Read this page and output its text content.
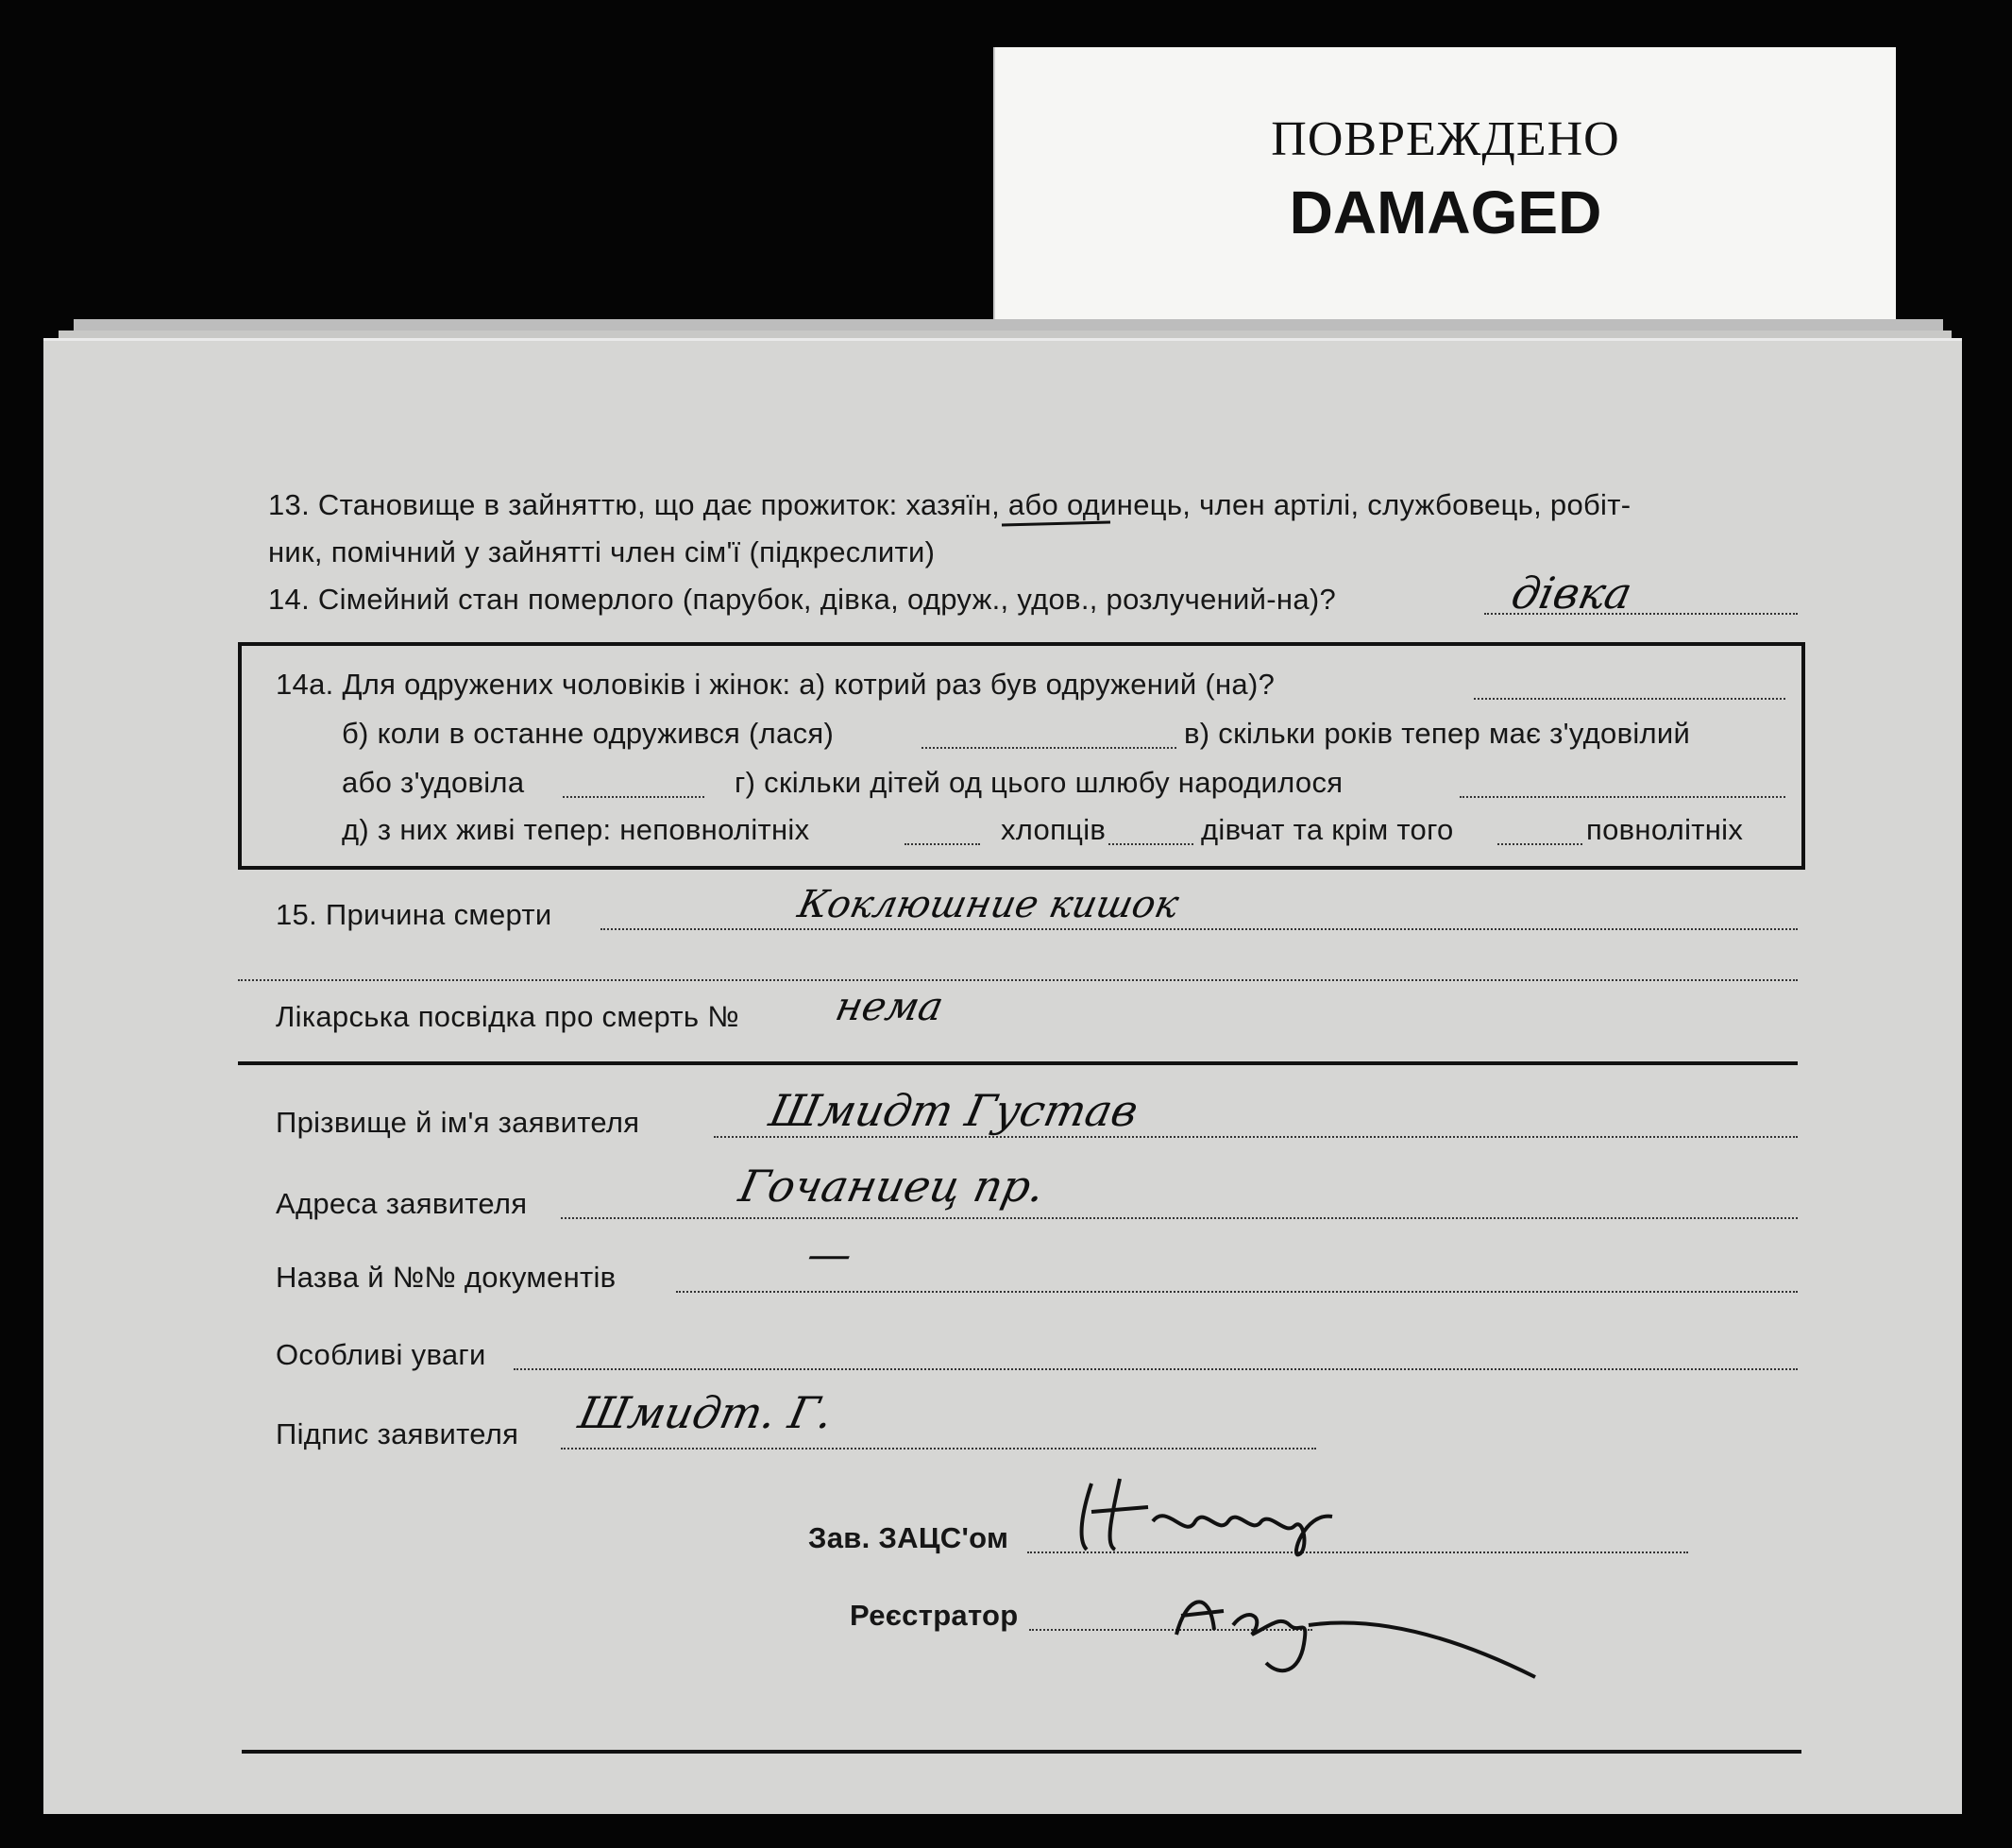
ПОВРЕЖДЕНО
DAMAGED
13. Становище в зайняттю, що дає прожиток: хазяїн, або одинець, член артілі, службовець, робіт-
ник, помічний у зайнятті член сім'ї (підкреслити)
14. Сімейний стан померлого (парубок, дівка, одруж., удов., розлучений-на)?	дівка
14а. Для одружених чоловіків і жінок: а) котрий раз був одружений (на)?
б) коли в останне одружився (лася)	в) скільки років тепер має з'удовілий
або з'удовіла	г) скільки дітей од цього шлюбу народилося
д) з них живі тепер: неповнолітніх	хлопців	дівчат та крім того	повнолітніх
15. Причина смерти	Коклюшние кишок
Лікарська посвідка про смерть № нема
Прізвище й ім'я заявителя	Шмидт Густав
Адреса заявителя	Гочаниец пр.
Назва й №№ документів	—
Особливі уваги
Підпис заявителя Шмидт. Г.
Зав. ЗАЦС'ом
Реєстратор
